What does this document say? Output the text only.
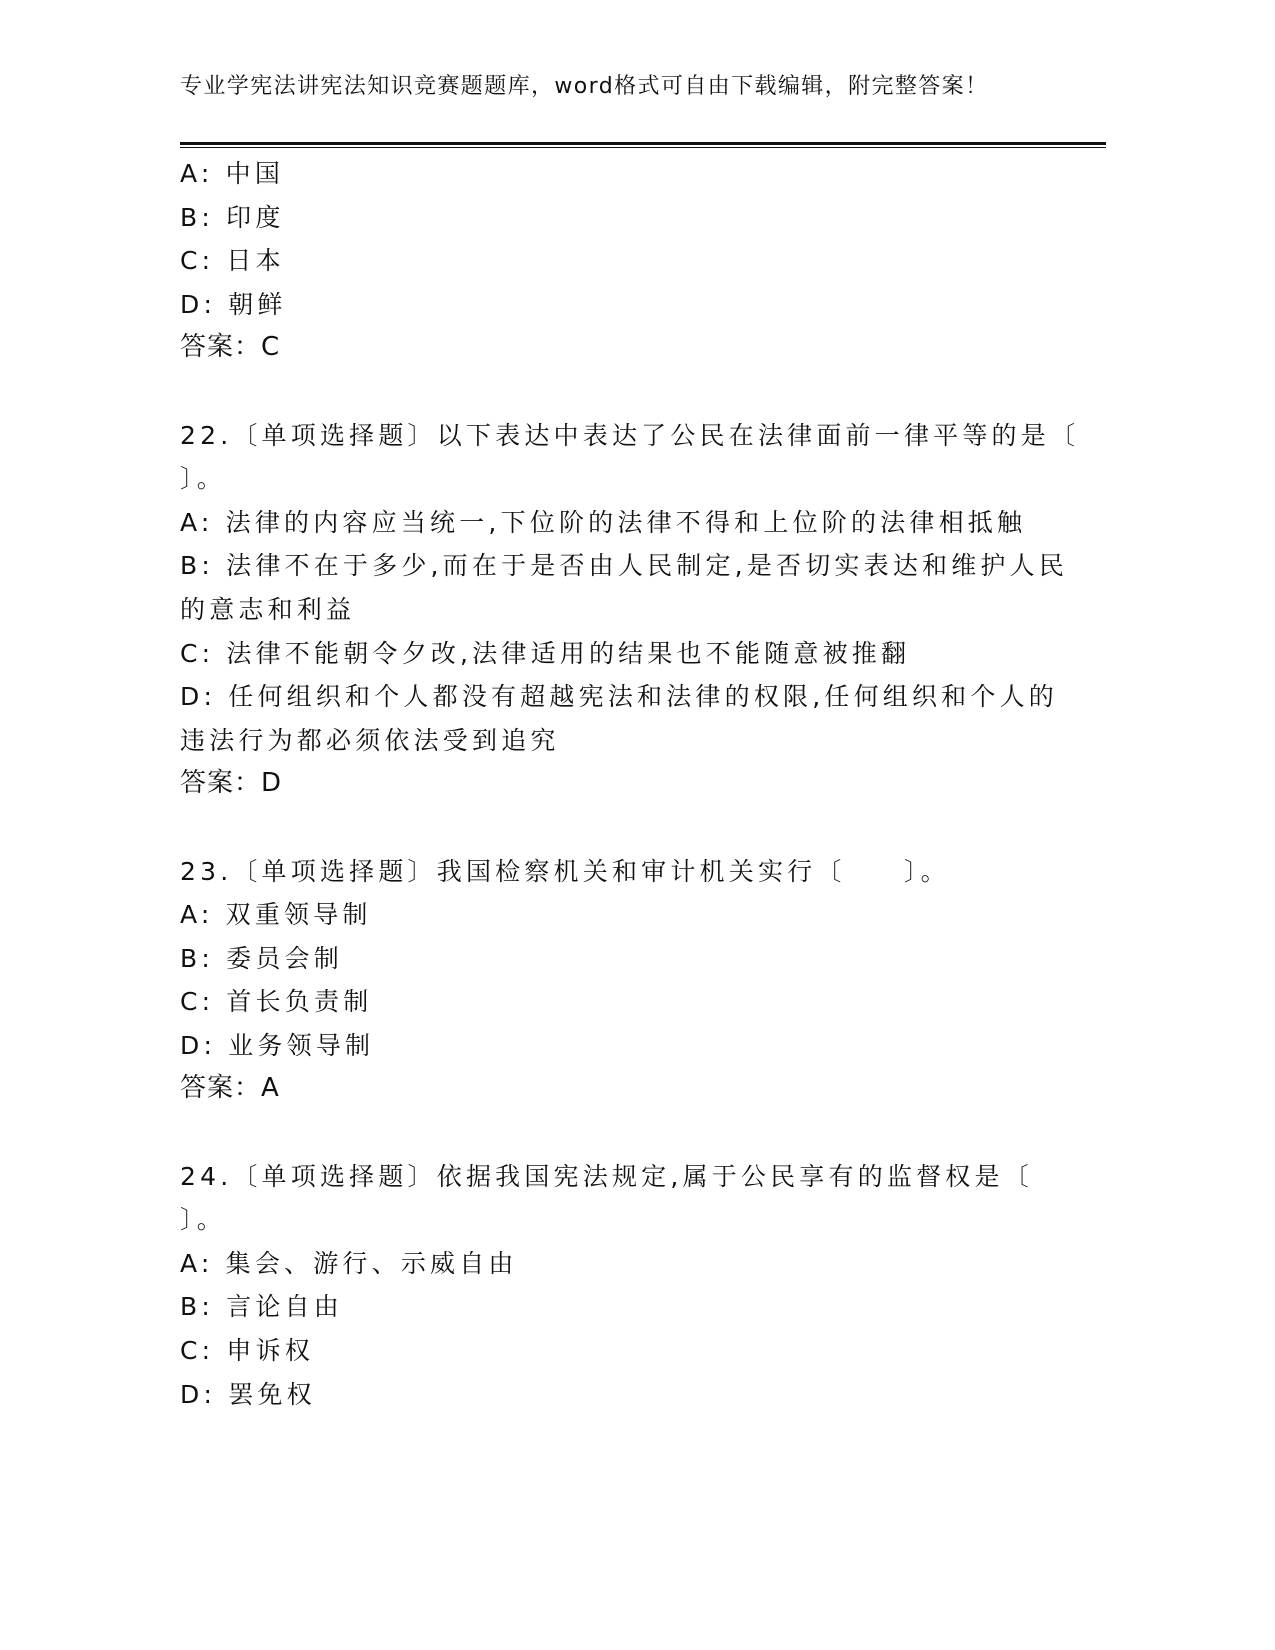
专业学宪法讲宪法知识竞赛题题库，word格式可自由下载编辑，附完整答案！
A: 中国
B: 印度
C: 日本
D: 朝鲜
答案：C
22.〔单项选择题〕以下表达中表达了公民在法律面前一律平等的是〔
〕。
A: 法律的内容应当统一,下位阶的法律不得和上位阶的法律相抵触
B: 法律不在于多少,而在于是否由人民制定,是否切实表达和维护人民
的意志和利益
C: 法律不能朝令夕改,法律适用的结果也不能随意被推翻
D: 任何组织和个人都没有超越宪法和法律的权限,任何组织和个人的
违法行为都必须依法受到追究
答案：D
23.〔单项选择题〕我国检察机关和审计机关实行〔　　〕。
A: 双重领导制
B: 委员会制
C: 首长负责制
D: 业务领导制
答案：A
24.〔单项选择题〕依据我国宪法规定,属于公民享有的监督权是〔
〕。
A: 集会、游行、示威自由
B: 言论自由
C: 申诉权
D: 罢免权
